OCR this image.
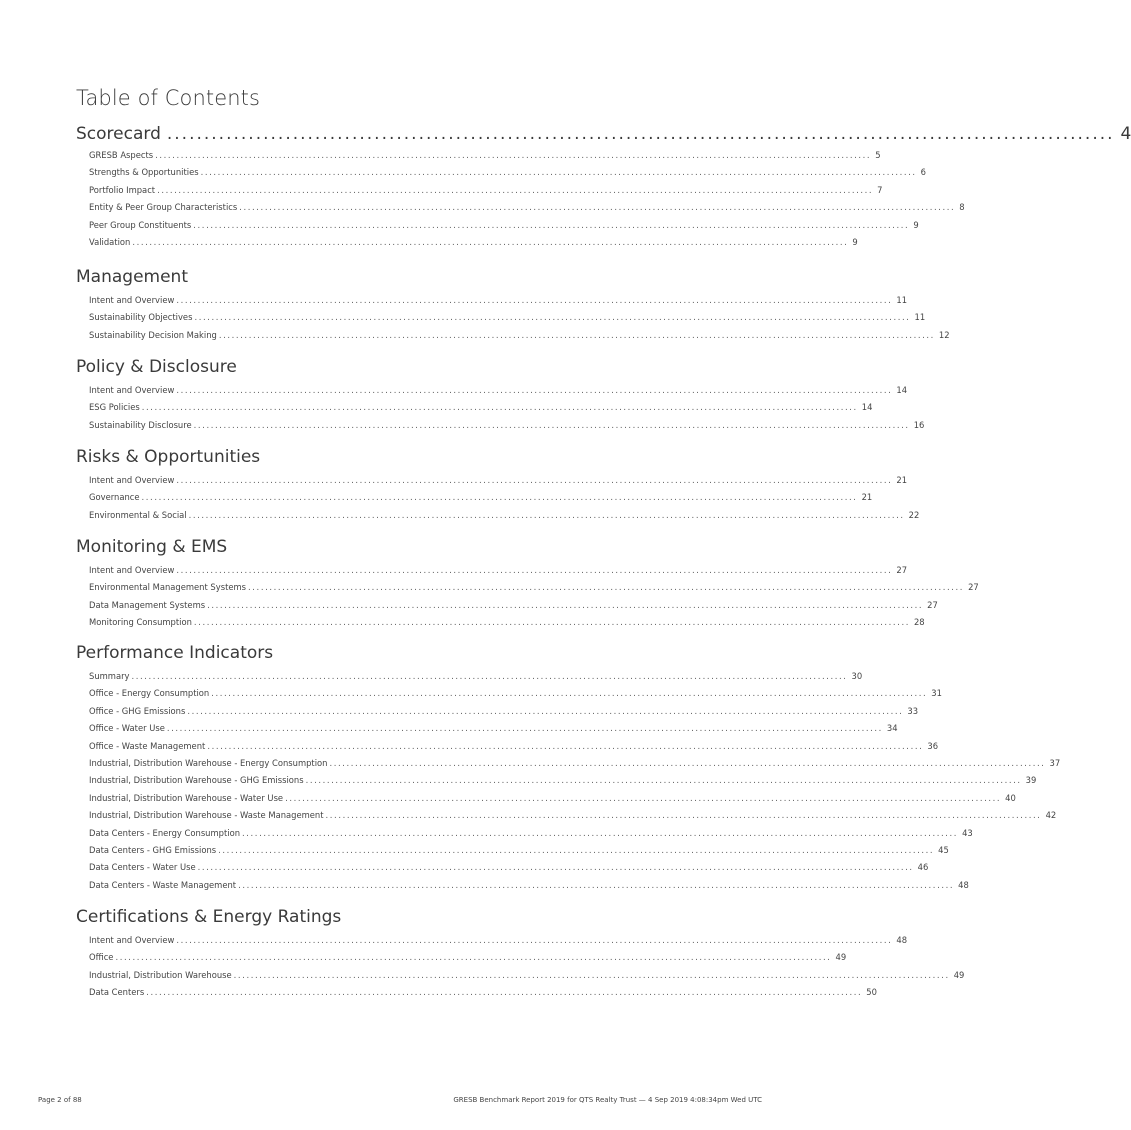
Table of Contents
Scorecard ................................................................................................................................ 4
GRESB Aspects ........................................................................................................................................................................ 5
Strengths & Opportunities ........................................................................................................................................................................ 6
Portfolio Impact ........................................................................................................................................................................ 7
Entity & Peer Group Characteristics ........................................................................................................................................................................ 8
Peer Group Constituents ........................................................................................................................................................................ 9
Validation ........................................................................................................................................................................ 9
Management
Intent and Overview ........................................................................................................................................................................ 11
Sustainability Objectives ........................................................................................................................................................................ 11
Sustainability Decision Making ........................................................................................................................................................................ 12
Policy & Disclosure
Intent and Overview ........................................................................................................................................................................ 14
ESG Policies ........................................................................................................................................................................ 14
Sustainability Disclosure ........................................................................................................................................................................ 16
Risks & Opportunities
Intent and Overview ........................................................................................................................................................................ 21
Governance ........................................................................................................................................................................ 21
Environmental & Social ........................................................................................................................................................................ 22
Monitoring & EMS
Intent and Overview ........................................................................................................................................................................ 27
Environmental Management Systems ........................................................................................................................................................................ 27
Data Management Systems ........................................................................................................................................................................ 27
Monitoring Consumption ........................................................................................................................................................................ 28
Performance Indicators
Summary ........................................................................................................................................................................ 30
Office - Energy Consumption ........................................................................................................................................................................ 31
Office - GHG Emissions ........................................................................................................................................................................ 33
Office - Water Use ........................................................................................................................................................................ 34
Office - Waste Management ........................................................................................................................................................................ 36
Industrial, Distribution Warehouse - Energy Consumption ........................................................................................................................................................................ 37
Industrial, Distribution Warehouse - GHG Emissions ........................................................................................................................................................................ 39
Industrial, Distribution Warehouse - Water Use ........................................................................................................................................................................ 40
Industrial, Distribution Warehouse - Waste Management ........................................................................................................................................................................ 42
Data Centers - Energy Consumption ........................................................................................................................................................................ 43
Data Centers - GHG Emissions ........................................................................................................................................................................ 45
Data Centers - Water Use ........................................................................................................................................................................ 46
Data Centers - Waste Management ........................................................................................................................................................................ 48
Certifications & Energy Ratings
Intent and Overview ........................................................................................................................................................................ 48
Office ........................................................................................................................................................................ 49
Industrial, Distribution Warehouse ........................................................................................................................................................................ 49
Data Centers ........................................................................................................................................................................ 50
Page 2 of 88	GRESB Benchmark Report 2019 for QTS Realty Trust — 4 Sep 2019 4:08:34pm Wed UTC
